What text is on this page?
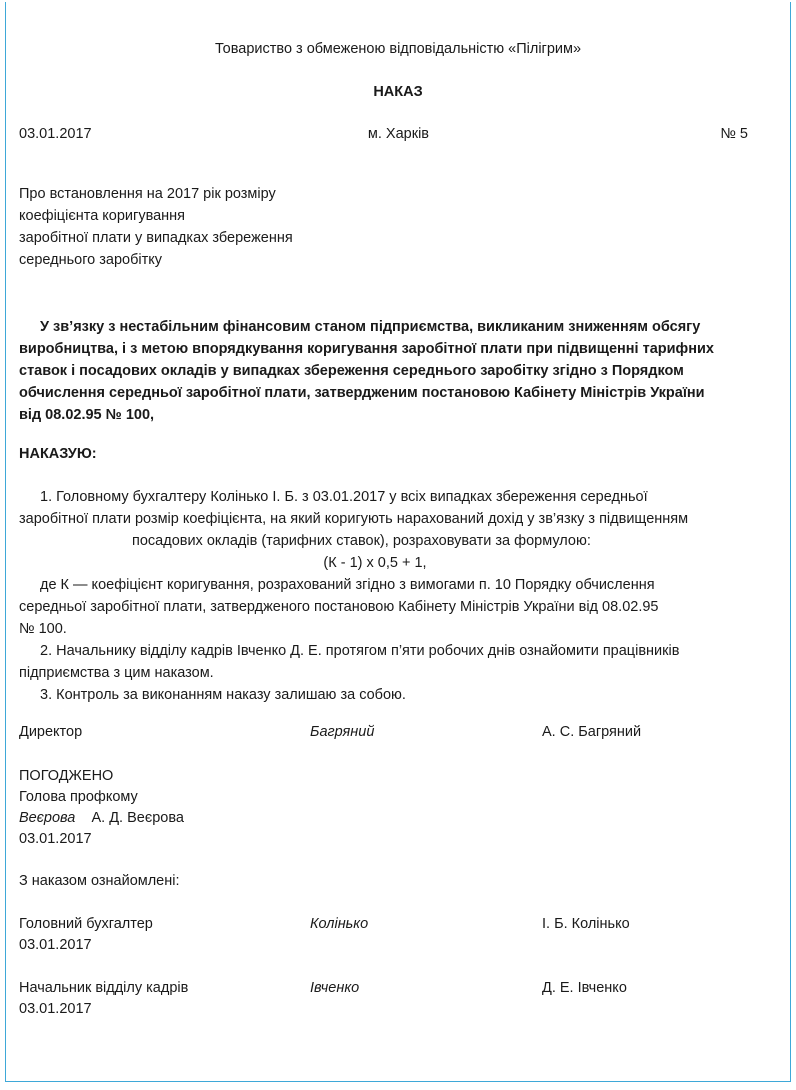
Товариство з обмеженою відповідальністю «Пілігрим»
НАКАЗ
03.01.2017	м. Харків	№ 5
Про встановлення на 2017 рік розміру
коефіцієнта коригування
заробітної плати у випадках збереження
середнього заробітку

У зв’язку з нестабільним фінансовим станом підприємства, викликаним зниженням обсягу

виробництва, і з метою впорядкування коригування заробітної плати при підвищенні тарифних

ставок і посадових окладів у випадках збереження середнього заробітку згідно з Порядком

обчислення середньої заробітної плати, затвердженим постановою Кабінету Міністрів України

від 08.02.95 № 100,

НАКАЗУЮ:

1. Головному бухгалтеру Колінько І. Б. з 03.01.2017 у всіх випадках збереження середньої

заробітної плати розмір коефіцієнта, на який коригують нарахований дохід у зв’язку з підвищенням

посадових окладів (тарифних ставок), розраховувати за формулою:

(К - 1) х 0,5 + 1,

де К — коефіцієнт коригування, розрахований згідно з вимогами п. 10 Порядку обчислення

середньої заробітної плати, затвердженого постановою Кабінету Міністрів України від 08.02.95

№ 100.

2. Начальнику відділу кадрів Івченко Д. Е. протягом п’яти робочих днів ознайомити працівників

підприємства з цим наказом.

3. Контроль за виконанням наказу залишаю за собою.

Директор	Багряний	А. С. Багряний
ПОГОДЖЕНО
Голова профкому
Веєрова А. Д. Веєрова
03.01.2017
З наказом ознайомлені:
Головний бухгалтер	Колінько	І. Б. Колінько
03.01.2017
Начальник відділу кадрів	Івченко	Д. Е. Івченко
03.01.2017
